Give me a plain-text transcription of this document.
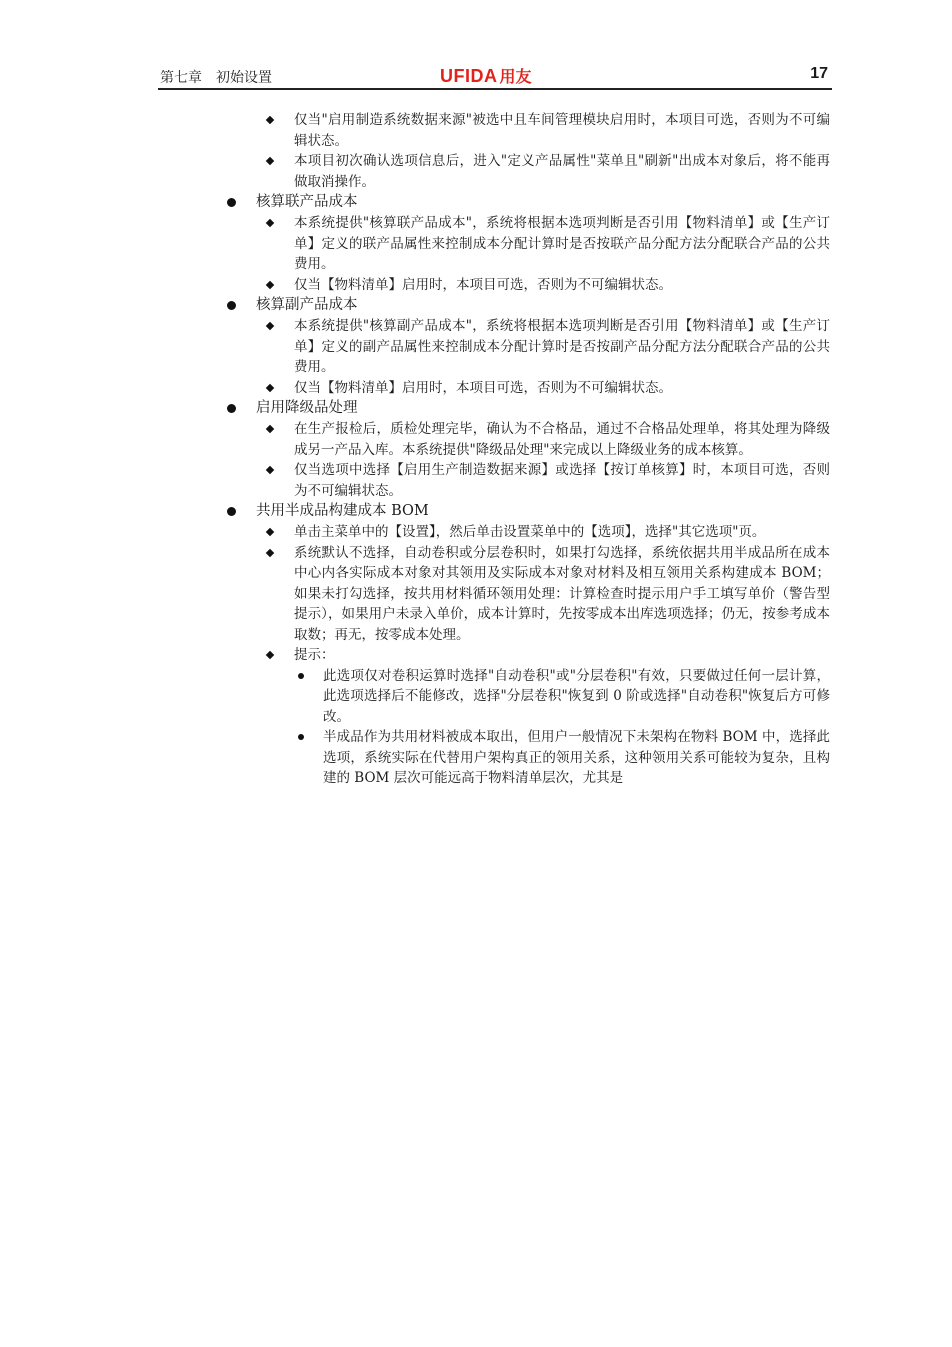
第七章　初始设置	UFIDA 用友	17
仅当"启用制造系统数据来源"被选中且车间管理模块启用时，本项目可选，否则为不可编辑状态。
本项目初次确认选项信息后，进入"定义产品属性"菜单且"刷新"出成本对象后，将不能再做取消操作。
核算联产品成本
本系统提供"核算联产品成本"，系统将根据本选项判断是否引用【物料清单】或【生产订单】定义的联产品属性来控制成本分配计算时是否按联产品分配方法分配联合产品的公共费用。
仅当【物料清单】启用时，本项目可选，否则为不可编辑状态。
核算副产品成本
本系统提供"核算副产品成本"，系统将根据本选项判断是否引用【物料清单】或【生产订单】定义的副产品属性来控制成本分配计算时是否按副产品分配方法分配联合产品的公共费用。
仅当【物料清单】启用时，本项目可选，否则为不可编辑状态。
启用降级品处理
在生产报检后，质检处理完毕，确认为不合格品，通过不合格品处理单，将其处理为降级成另一产品入库。本系统提供"降级品处理"来完成以上降级业务的成本核算。
仅当选项中选择【启用生产制造数据来源】或选择【按订单核算】时，本项目可选，否则为不可编辑状态。
共用半成品构建成本 BOM
单击主菜单中的【设置】，然后单击设置菜单中的【选项】，选择"其它选项"页。
系统默认不选择，自动卷积或分层卷积时，如果打勾选择，系统依据共用半成品所在成本中心内各实际成本对象对其领用及实际成本对象对材料及相互领用关系构建成本 BOM；如果未打勾选择，按共用材料循环领用处理：计算检查时提示用户手工填写单价（警告型提示），如果用户未录入单价，成本计算时，先按零成本出库选项选择；仍无，按参考成本取数；再无，按零成本处理。
提示：
此选项仅对卷积运算时选择"自动卷积"或"分层卷积"有效，只要做过任何一层计算，此选项选择后不能修改，选择"分层卷积"恢复到 0 阶或选择"自动卷积"恢复后方可修改。
半成品作为共用材料被成本取出，但用户一般情况下未架构在物料 BOM 中，选择此选项，系统实际在代替用户架构真正的领用关系，这种领用关系可能较为复杂，且构建的 BOM 层次可能远高于物料清单层次，尤其是
